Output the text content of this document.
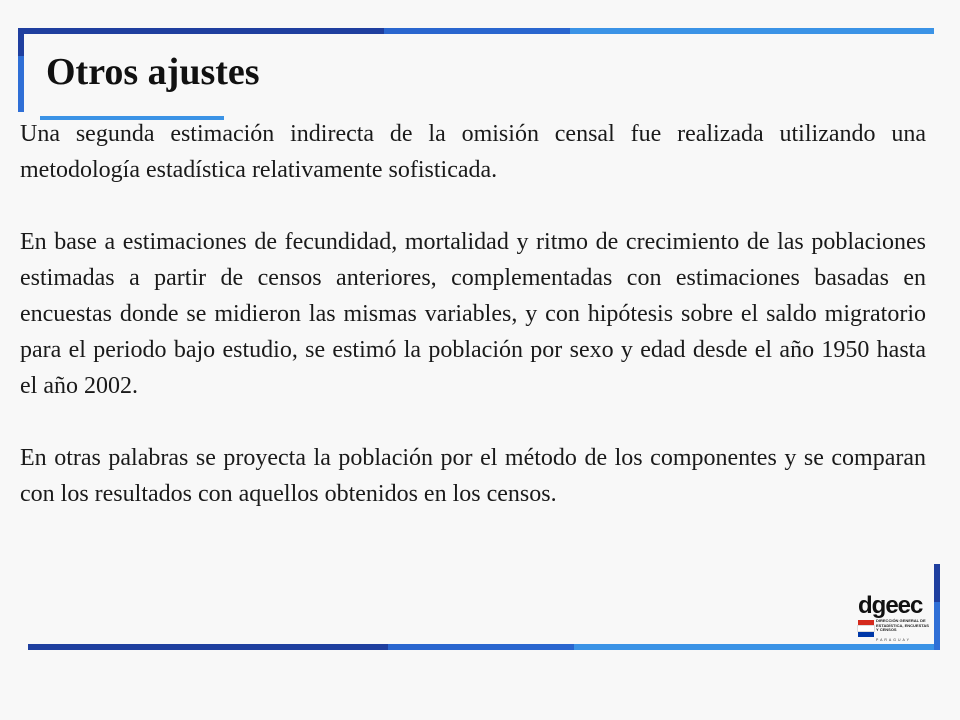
Otros ajustes

Una segunda estimación indirecta de la omisión censal fue realizada utilizando una metodología estadística relativamente sofisticada.

En base a estimaciones de fecundidad, mortalidad y ritmo de crecimiento de las poblaciones estimadas a partir de censos anteriores, complementadas con estimaciones basadas en encuestas donde se midieron las mismas variables, y con hipótesis sobre el saldo migratorio para el periodo bajo estudio, se estimó la población por sexo y edad desde el año 1950 hasta el año 2002.

En otras palabras se proyecta la población por el método de los componentes y se comparan con los resultados con aquellos obtenidos en los censos.

dgeec
DIRECCIÓN GENERAL DE ESTADÍSTICA, ENCUESTAS Y CENSOS
PARAGUAY
